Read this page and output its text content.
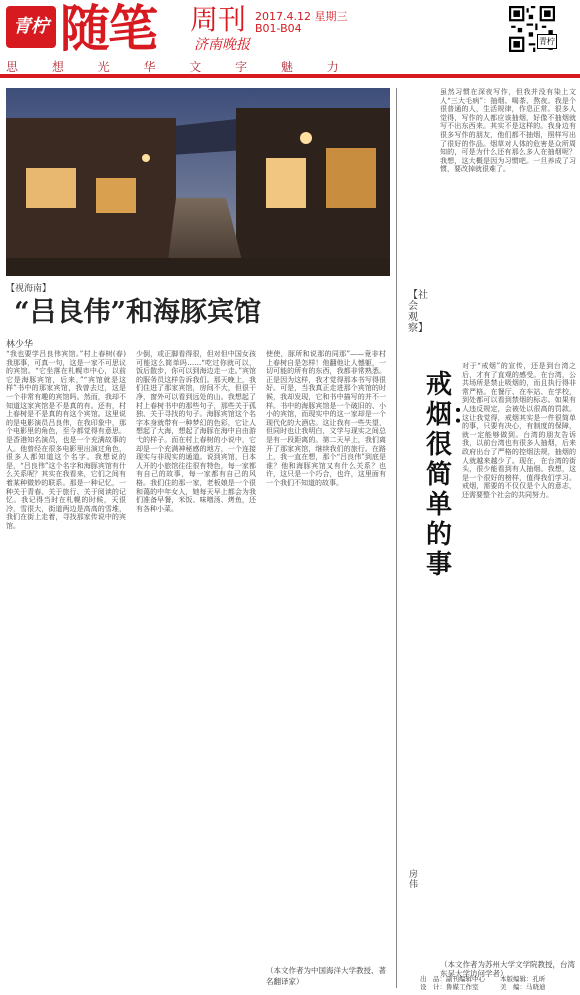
青柠 随笔 周刊
济南晚报
2017.4.12 星期三
B01-B04
青柠
思 想 光 华 文 字 魅 力
【视海南】
“吕良伟”和海豚宾馆
林少华
“我也要学吕良伟宾馆。”村上春树(春)我那事，可真一句，这是一家不可思议的宾馆。“它坐落在札幌市中心，以前它是海豚宾馆，后来，”“宾馆就是这样”书中的那家宾馆，我曾去过，这是一个非常有趣的宾馆吗。然而，我却不知道这家宾馆是不是真的有。还有，村上春树是不是真的有这个宾馆。这里说的是电影演员吕良伟，在我印象中，那个电影里的角色，至今都觉得有意思。是香港知名演员，也是一个充满故事的人。他曾经在很多电影里出演过角色，很多人都知道这个名字。我想说的是，“吕良伟”这个名字和海豚宾馆有什么关系呢？其实在我看来，它们之间有着某种微妙的联系。那是一种记忆，一种关于青春、关于旅行、关于阅读的记忆。我记得当时在札幌的时候，天很冷，雪很大，街道两边是高高的雪堆，我们在街上走着，寻找那家传说中的宾馆。
少倒，或正脚看得很，但对但中国女孩可能这么简单吗……“吃过你就可以，饭后散步，你可以到海边走一走。”宾馆的服务员这样告诉我们。那天晚上，我们住进了那家宾馆，房间不大，但很干净，窗外可以看到远处的山。我想起了村上春树书中的那些句子，那些关于孤独、关于寻找的句子。海豚宾馆这个名字本身就带有一种梦幻的色彩，它让人想起了大海，想起了海豚在海中自由游弋的样子。而在村上春树的小说中，它却是一个充满神秘感的地方，一个连接现实与非现实的通道。说到宾馆，日本人开的小旅馆往往很有特色，每一家都有自己的故事，每一家都有自己的风格。我们住的那一家，老板娘是一个很和蔼的中年女人，她每天早上都会为我们准备早餐，米饭、味噌汤、烤鱼，还有各种小菜。
使使，豚所和说那的同那”——竟非村上春树自是怎样！他翻他让人憾躯，一切可能的所有的东西，我都非常熟悉。正是因为这样，我才觉得那本书写得很好。可是，当我真正走进那个宾馆的时候，我却发现，它和书中描写的并不一样。书中的海豚宾馆是一个破旧的、小小的宾馆，而现实中的这一家却是一个现代化的大酒店。这让我有一些失望，但同时也让我明白，文学与现实之间总是有一段距离的。第二天早上，我们离开了那家宾馆，继续我们的旅行。在路上，我一直在想，那个“吕良伟”到底是谁？他和海豚宾馆又有什么关系？也许，这只是一个巧合，也许，这里面有一个我们不知道的故事。
（本文作者为中国海洋大学教授、著名翻译家）
【社会观察】
戒烟：很简单的事
房伟
虽然习惯在深夜写作，但我并没有染上文人“三大毛病”：抽烟、喝茶、熬夜。我是个很普通的人，生活规律，作息正常。很多人觉得，写作的人都应该抽烟，好像不抽烟就写不出东西来。其实不是这样的。我身边有很多写作的朋友，他们都不抽烟，照样写出了很好的作品。烟草对人体的危害是众所周知的，可是为什么还有那么多人在抽烟呢？我想，这大概是因为习惯吧。一旦养成了习惯，要改掉就很难了。
对于“戒烟”的宣传，还是到台湾之后，才有了直观的感受。在台湾，公共场所是禁止吸烟的，而且执行得非常严格。在餐厅、在车站、在学校，到处都可以看到禁烟的标志。如果有人违反规定，会被处以很高的罚款。这让我觉得，戒烟其实是一件很简单的事，只要有决心，有制度的保障，就一定能够做到。台湾的朋友告诉我，以前台湾也有很多人抽烟，后来政府出台了严格的控烟法规，抽烟的人就越来越少了。现在，在台湾的街头，很少能看到有人抽烟。我想，这是一个很好的榜样，值得我们学习。戒烟，需要的不仅仅是个人的意志，还需要整个社会的共同努力。
（本文作者为苏州大学文学院教授，台湾东吴大学访问学者）
出　品：副刊编辑中心
设　计：鲁媒工作室
本版编辑：孔昕
美　编：马晓迪
